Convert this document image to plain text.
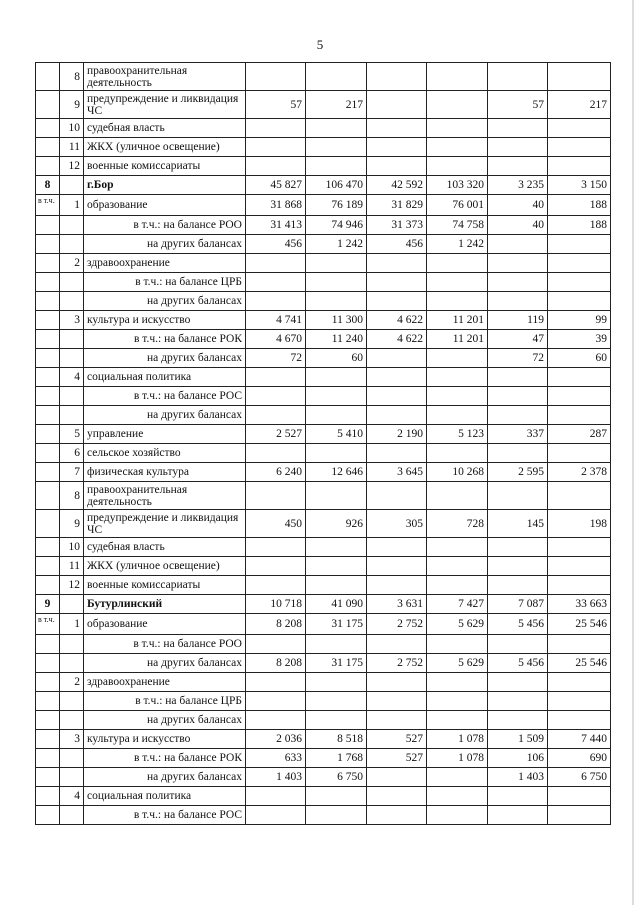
5
	8	правоохранительная деятельность						
	9	предупреждение и ликвидация ЧС	57	217			57	217
	10	судебная власть						
	11	ЖКХ (уличное освещение)						
	12	военные комиссариаты						
8		г.Бор	45 827	106 470	42 592	103 320	3 235	3 150
в т.ч.	1	образование	31 868	76 189	31 829	76 001	40	188
		в т.ч.: на балансе РОО	31 413	74 946	31 373	74 758	40	188
		на других балансах	456	1 242	456	1 242		
	2	здравоохранение						
		в т.ч.: на балансе ЦРБ						
		на других балансах						
	3	культура и искусство	4 741	11 300	4 622	11 201	119	99
		в т.ч.: на балансе РОК	4 670	11 240	4 622	11 201	47	39
		на других балансах	72	60			72	60
	4	социальная политика						
		в т.ч.: на балансе РОС						
		на других балансах						
	5	управление	2 527	5 410	2 190	5 123	337	287
	6	сельское хозяйство						
	7	физическая культура	6 240	12 646	3 645	10 268	2 595	2 378
	8	правоохранительная деятельность						
	9	предупреждение и ликвидация ЧС	450	926	305	728	145	198
	10	судебная власть						
	11	ЖКХ (уличное освещение)						
	12	военные комиссариаты						
9		Бутурлинский	10 718	41 090	3 631	7 427	7 087	33 663
в т.ч.	1	образование	8 208	31 175	2 752	5 629	5 456	25 546
		в т.ч.: на балансе РОО						
		на других балансах	8 208	31 175	2 752	5 629	5 456	25 546
	2	здравоохранение						
		в т.ч.: на балансе ЦРБ						
		на других балансах						
	3	культура и искусство	2 036	8 518	527	1 078	1 509	7 440
		в т.ч.: на балансе РОК	633	1 768	527	1 078	106	690
		на других балансах	1 403	6 750			1 403	6 750
	4	социальная политика						
		в т.ч.: на балансе РОС						
